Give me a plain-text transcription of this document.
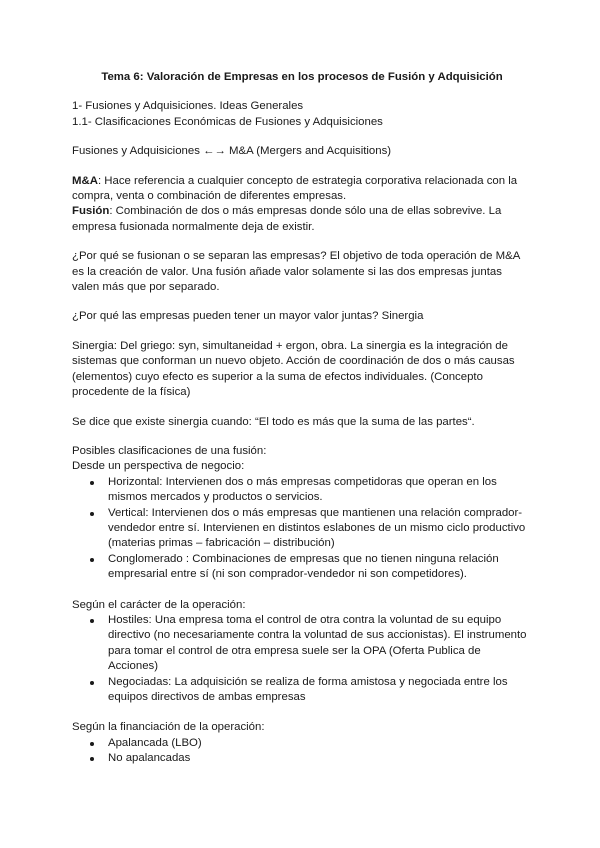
Tema 6: Valoración de Empresas en los procesos de Fusión y Adquisición

1- Fusiones y Adquisiciones. Ideas Generales

1.1- Clasificaciones Económicas de Fusiones y Adquisiciones

Fusiones y Adquisiciones ←→ M&A (Mergers and Acquisitions)

M&A: Hace referencia a cualquier concepto de estrategia corporativa relacionada con la compra, venta o combinación de diferentes empresas.

Fusión: Combinación de dos o más empresas donde sólo una de ellas sobrevive. La empresa fusionada normalmente deja de existir.

¿Por qué se fusionan o se separan las empresas? El objetivo de toda operación de M&A es la creación de valor. Una fusión añade valor solamente si las dos empresas juntas valen más que por separado.

¿Por qué las empresas pueden tener un mayor valor juntas? Sinergia

Sinergia: Del griego: syn, simultaneidad + ergon, obra. La sinergia es la integración de sistemas que conforman un nuevo objeto. Acción de coordinación de dos o más causas (elementos) cuyo efecto es superior a la suma de efectos individuales. (Concepto procedente de la física)

Se dice que existe sinergia cuando: “El todo es más que la suma de las partes“.

Posibles clasificaciones de una fusión:

Desde un perspectiva de negocio:

Horizontal: Intervienen dos o más empresas competidoras que operan en los mismos mercados y productos o servicios.
Vertical: Intervienen dos o más empresas que mantienen una relación comprador-vendedor entre sí. Intervienen en distintos eslabones de un mismo ciclo productivo (materias primas – fabricación – distribución)
Conglomerado : Combinaciones de empresas que no tienen ninguna relación empresarial entre sí (ni son comprador-vendedor ni son competidores).

Según el carácter de la operación:

Hostiles: Una empresa toma el control de otra contra la voluntad de su equipo directivo (no necesariamente contra la voluntad de sus accionistas). El instrumento para tomar el control de otra empresa suele ser la OPA (Oferta Publica de Acciones)
Negociadas: La adquisición se realiza de forma amistosa y negociada entre los equipos directivos de ambas empresas

Según la financiación de la operación:

Apalancada (LBO)
No apalancadas
